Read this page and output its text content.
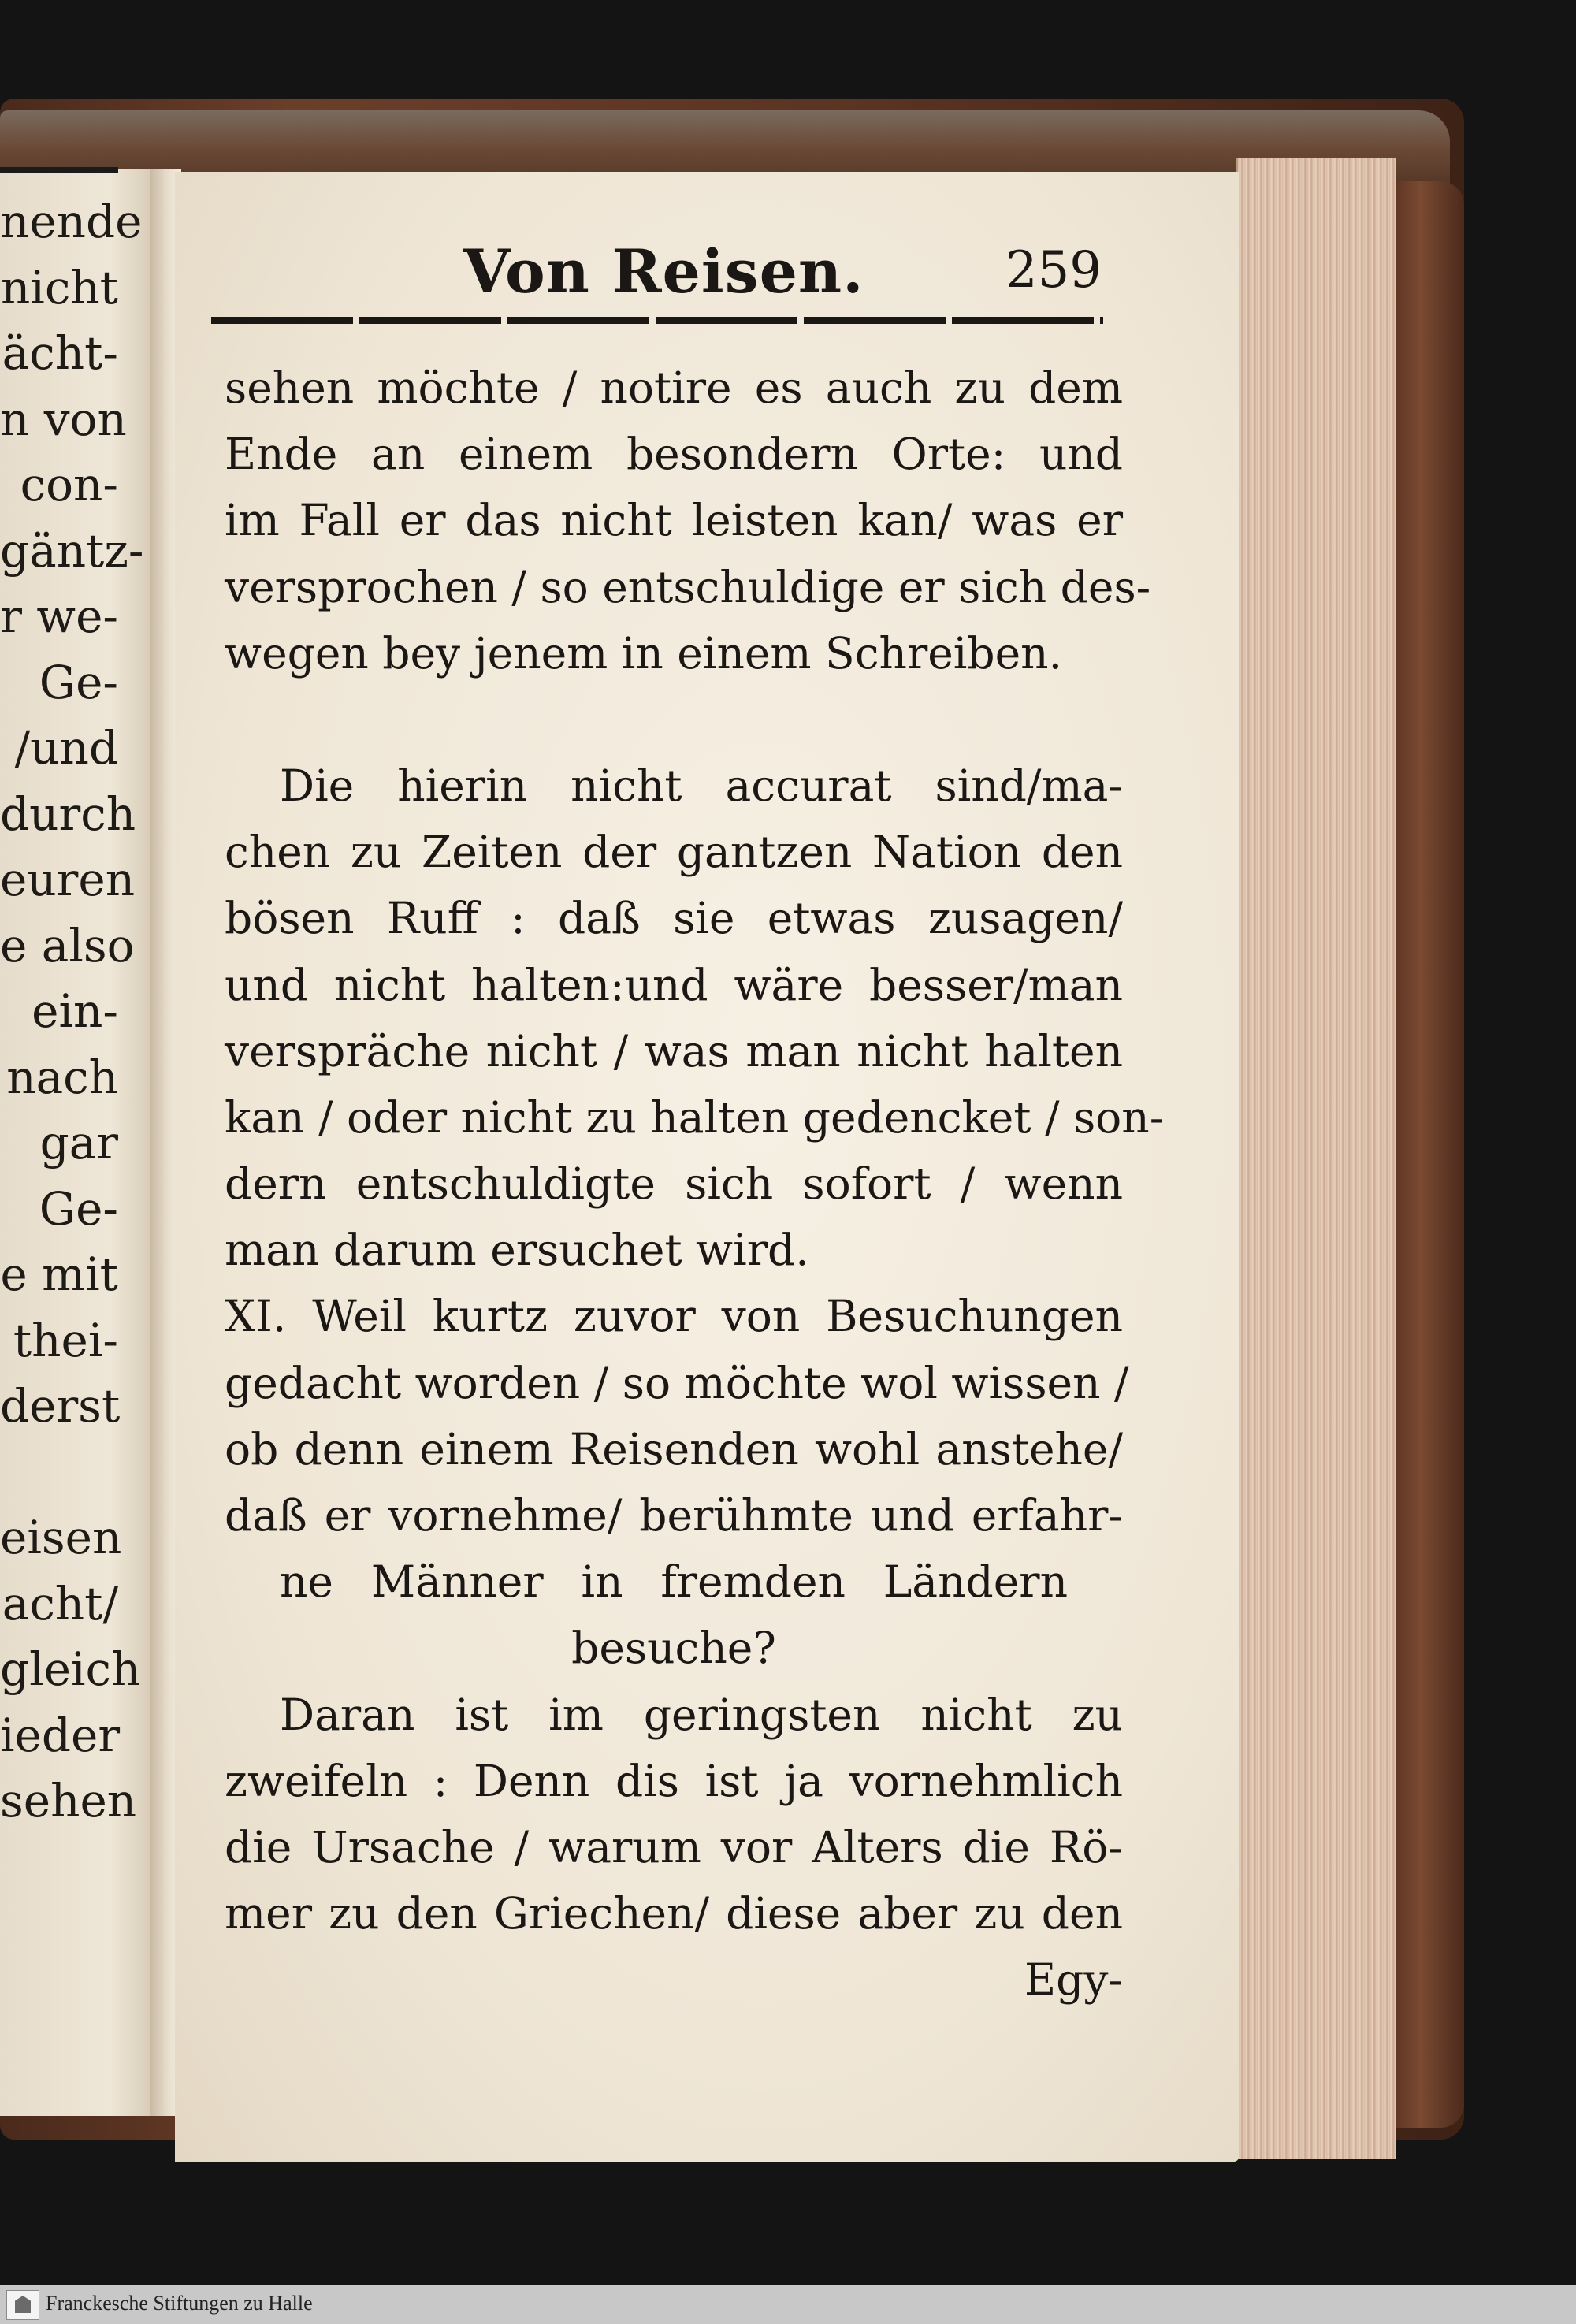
nende
nicht
ächt-
n von
con-
gäntz-
r we-
Ge-
/und
durch
euren
e also
ein-
nach
gar
Ge-
e mit
thei-
derst

eisen
acht/
gleich
ieder
sehen
Von Reisen.	259
sehen möchte / notire es auch zu dem
Ende an einem besondern Orte: und
im Fall er das nicht leisten kan/ was er
versprochen / so entschuldige er sich des-
wegen bey jenem in einem Schreiben.
Die hierin nicht accurat sind/ma-
chen zu Zeiten der gantzen Nation den
bösen Ruff : daß sie etwas zusagen/
und nicht halten:und wäre besser/man
verspräche nicht / was man nicht halten
kan / oder nicht zu halten gedencket / son-
dern entschuldigte sich sofort / wenn
man darum ersuchet wird.
XI. Weil kurtz zuvor von Besuchungen
gedacht worden / so möchte wol wissen /
ob denn einem Reisenden wohl anstehe/
daß er vornehme/ berühmte und erfahr-
ne Männer in fremden Ländern
besuche?
Daran ist im geringsten nicht zu
zweifeln : Denn dis ist ja vornehmlich
die Ursache / warum vor Alters die Rö-
mer zu den Griechen/ diese aber zu den
Egy-
Franckesche Stiftungen zu Halle
